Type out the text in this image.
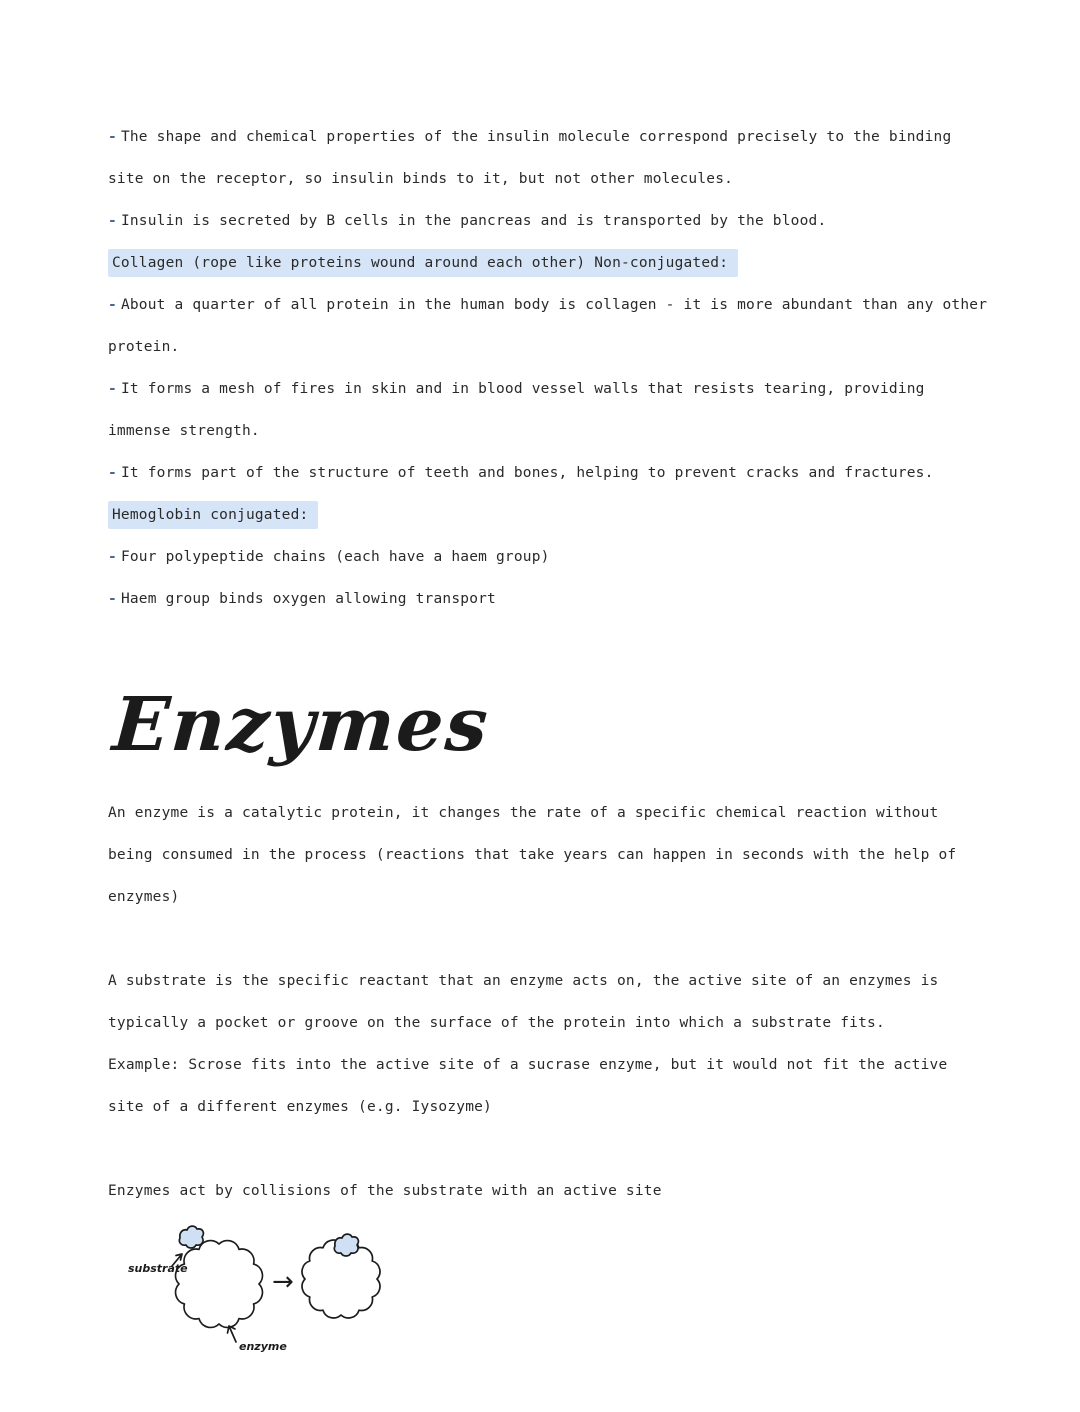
- The shape and chemical properties of the insulin molecule correspond precisely to the binding site on the receptor, so insulin binds to it, but not other molecules.

- Insulin is secreted by B cells in the pancreas and is transported by the blood.

Collagen (rope like proteins wound around each other) Non-conjugated:

- About a quarter of all protein in the human body is collagen - it is more abundant than any other protein.

- It forms a mesh of fires in skin and in blood vessel walls that resists tearing, providing immense strength.

- It forms part of the structure of teeth and bones, helping to prevent cracks and fractures.

Hemoglobin conjugated:

- Four polypeptide chains (each have a haem group)

- Haem group binds oxygen allowing transport

Enzymes

An enzyme is a catalytic protein, it changes the rate of a specific chemical reaction without being consumed in the process (reactions that take years can happen in seconds with the help of enzymes)

A substrate is the specific reactant that an enzyme acts on, the active site of an enzymes is typically a pocket or groove on the surface of the protein into which a substrate fits.

Example: Scrose fits into the active site of a sucrase enzyme, but it would not fit the active site of a different enzymes (e.g. Iysozyme)

Enzymes act by collisions of the substrate with an active site

substrate	→
enzyme
